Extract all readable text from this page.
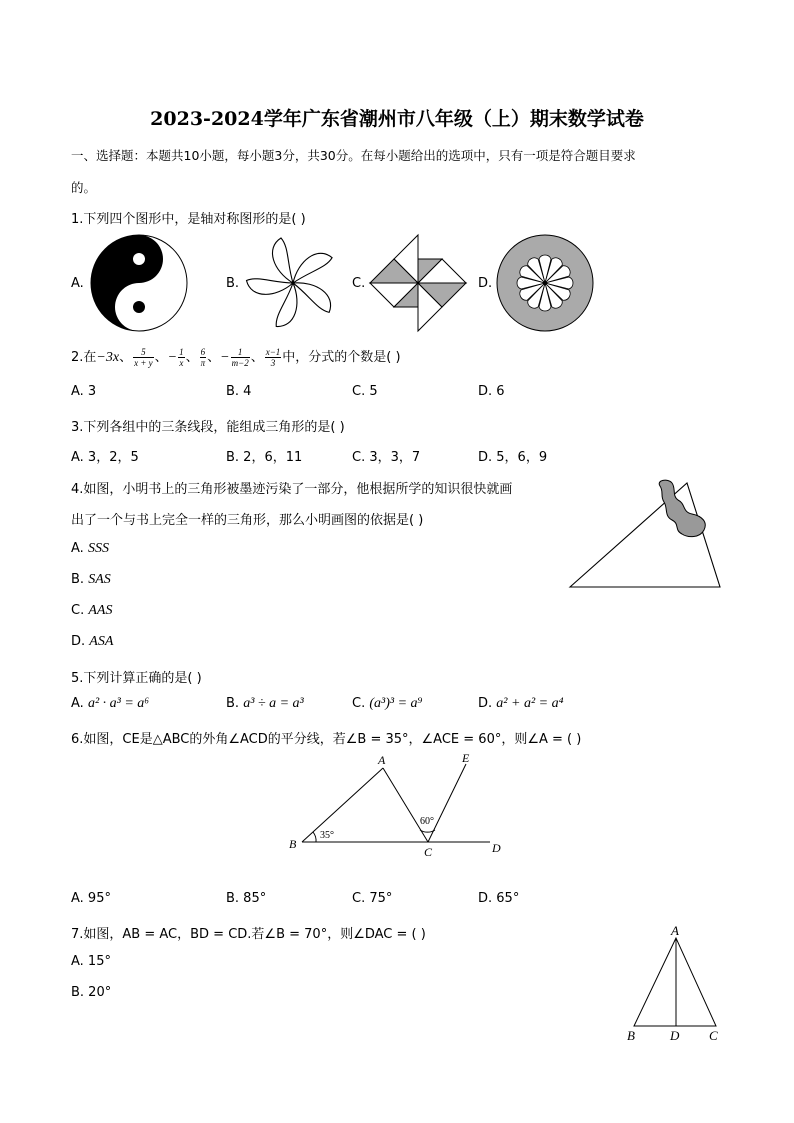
2023-2024学年广东省潮州市八年级（上）期末数学试卷
一、选择题：本题共10小题，每小题3分，共30分。在每小题给出的选项中，只有一项是符合题目要求
的。
1.下列四个图形中，是轴对称图形的是( )
A.	B.	C.	D.
2.在−3x、 $\frac{5}{x + y}$ 、− $\frac{1}{x}$ 、 $\frac{6}{\pi}$ 、− $\frac{1}{m-2}$ 、 $\frac{x-1}{3}$ 中，分式的个数是( )
A. 3	B. 4	C. 5	D. 6
3.下列各组中的三条线段，能组成三角形的是( )
A. 3，2，5	B. 2，6，11	C. 3，3，7	D. 5，6，9
4.如图，小明书上的三角形被墨迹污染了一部分，他根据所学的知识很快就画
出了一个与书上完全一样的三角形，那么小明画图的依据是( )
A. SSS
B. SAS
C. AAS
D. ASA
5.下列计算正确的是( )
A. a² · a³ = a⁶	B. a³ ÷ a = a³	C. (a³)³ = a⁹	D. a² + a² = a⁴
6.如图，CE是△ABC的外角∠ACD的平分线，若∠B = 35°，∠ACE = 60°，则∠A = ( )
A
B
C	D
E
35°
60°
A. 95°	B. 85°	C. 75°	D. 65°
7.如图，AB = AC，BD = CD.若∠B = 70°，则∠DAC = ( )
A. 15°
B. 20°
A
B	D C
